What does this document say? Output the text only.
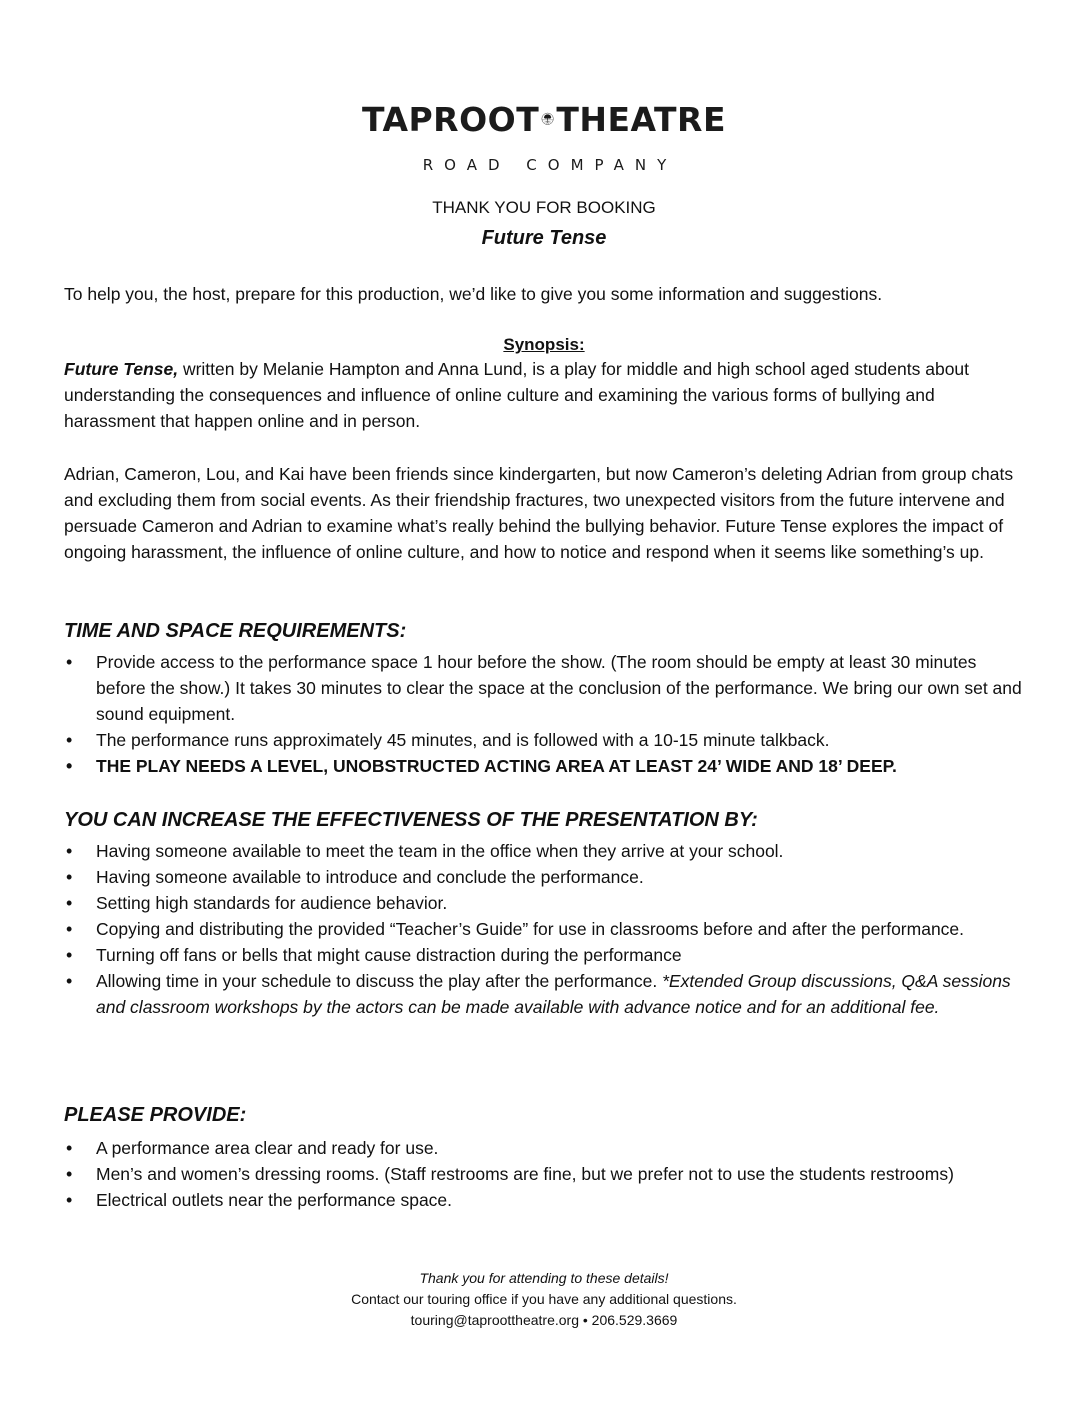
TAPROOT THEATRE
ROAD COMPANY
THANK YOU FOR BOOKING
Future Tense
To help you, the host, prepare for this production, we’d like to give you some information and suggestions.
Synopsis:
Future Tense, written by Melanie Hampton and Anna Lund, is a play for middle and high school aged students about understanding the consequences and influence of online culture and examining the various forms of bullying and harassment that happen online and in person.
Adrian, Cameron, Lou, and Kai have been friends since kindergarten, but now Cameron’s deleting Adrian from group chats and excluding them from social events. As their friendship fractures, two unexpected visitors from the future intervene and persuade Cameron and Adrian to examine what’s really behind the bullying behavior. Future Tense explores the impact of ongoing harassment, the influence of online culture, and how to notice and respond when it seems like something’s up.
TIME AND SPACE REQUIREMENTS:
• Provide access to the performance space 1 hour before the show. (The room should be empty at least 30 minutes before the show.) It takes 30 minutes to clear the space at the conclusion of the performance. We bring our own set and sound equipment.
• The performance runs approximately 45 minutes, and is followed with a 10-15 minute talkback.
• THE PLAY NEEDS A LEVEL, UNOBSTRUCTED ACTING AREA AT LEAST 24’ WIDE AND 18’ DEEP.
YOU CAN INCREASE THE EFFECTIVENESS OF THE PRESENTATION BY:
• Having someone available to meet the team in the office when they arrive at your school.
• Having someone available to introduce and conclude the performance.
• Setting high standards for audience behavior.
• Copying and distributing the provided “Teacher’s Guide” for use in classrooms before and after the performance.
• Turning off fans or bells that might cause distraction during the performance
• Allowing time in your schedule to discuss the play after the performance. *Extended Group discussions, Q&A sessions and classroom workshops by the actors can be made available with advance notice and for an additional fee.
PLEASE PROVIDE:
• A performance area clear and ready for use.
• Men’s and women’s dressing rooms. (Staff restrooms are fine, but we prefer not to use the students restrooms)
• Electrical outlets near the performance space.
Thank you for attending to these details!
Contact our touring office if you have any additional questions.
touring@taproottheatre.org • 206.529.3669
